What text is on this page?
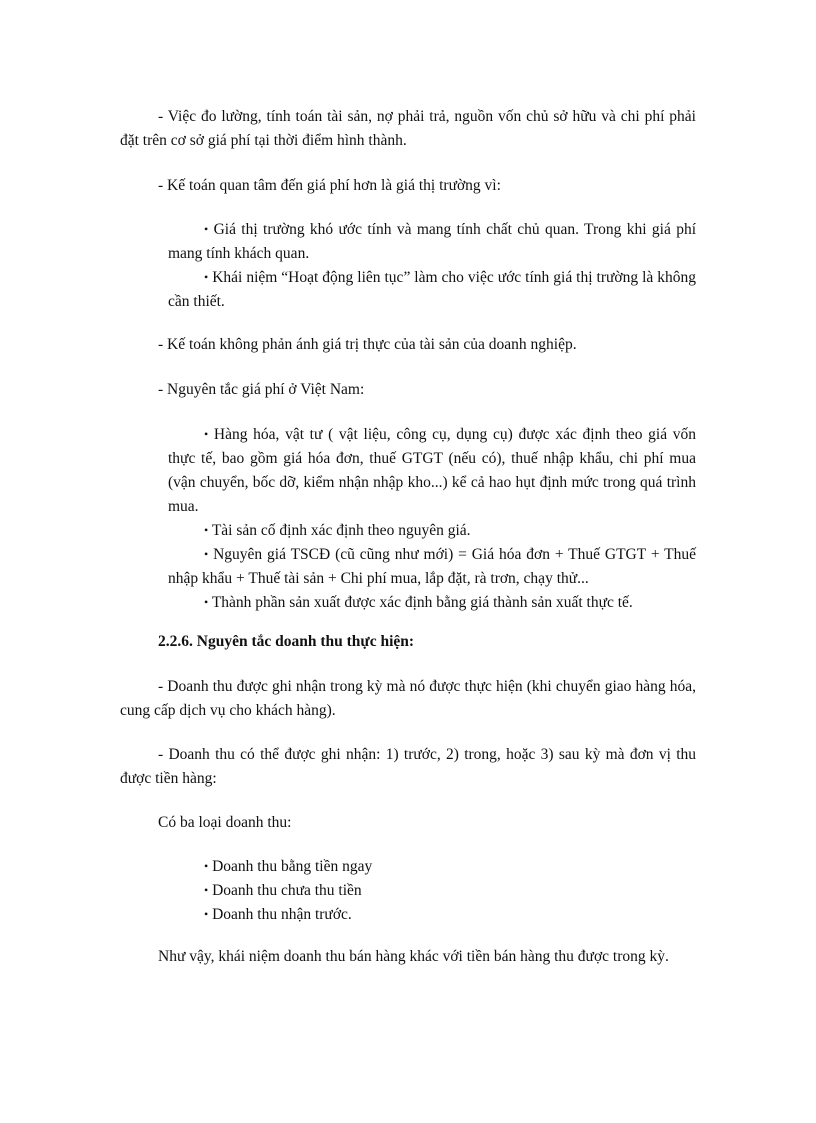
- Việc đo lường, tính toán tài sản, nợ phải trả, nguồn vốn chủ sở hữu và chi phí phải đặt trên cơ sở giá phí tại thời điểm hình thành.

- Kế toán quan tâm đến giá phí hơn là giá thị trường vì:

• Giá thị trường khó ước tính và mang tính chất chủ quan. Trong khi giá phí mang tính khách quan.

• Khái niệm “Hoạt động liên tục” làm cho việc ước tính giá thị trường là không cần thiết.

- Kế toán không phản ánh giá trị thực của tài sản của doanh nghiệp.

- Nguyên tắc giá phí ở Việt Nam:

• Hàng hóa, vật tư ( vật liệu, công cụ, dụng cụ) được xác định theo giá vốn thực tế, bao gồm giá hóa đơn, thuế GTGT (nếu có), thuế nhập khẩu, chi phí mua (vận chuyển, bốc dỡ, kiểm nhận nhập kho...) kể cả hao hụt định mức trong quá trình mua.

• Tài sản cố định xác định theo nguyên giá.

• Nguyên giá TSCĐ (cũ cũng như mới) = Giá hóa đơn + Thuế GTGT + Thuế nhập khẩu + Thuế tài sản + Chi phí mua, lắp đặt, rà trơn, chạy thử...

• Thành phần sản xuất được xác định bằng giá thành sản xuất thực tế.

2.2.6. Nguyên tắc doanh thu thực hiện:

- Doanh thu được ghi nhận trong kỳ mà nó được thực hiện (khi chuyển giao hàng hóa, cung cấp dịch vụ cho khách hàng).

- Doanh thu có thể được ghi nhận: 1) trước, 2) trong, hoặc 3) sau kỳ mà đơn vị thu được tiền hàng:

Có ba loại doanh thu:

• Doanh thu bằng tiền ngay

• Doanh thu chưa thu tiền

• Doanh thu nhận trước.

Như vậy, khái niệm doanh thu bán hàng khác với tiền bán hàng thu được trong kỳ.
